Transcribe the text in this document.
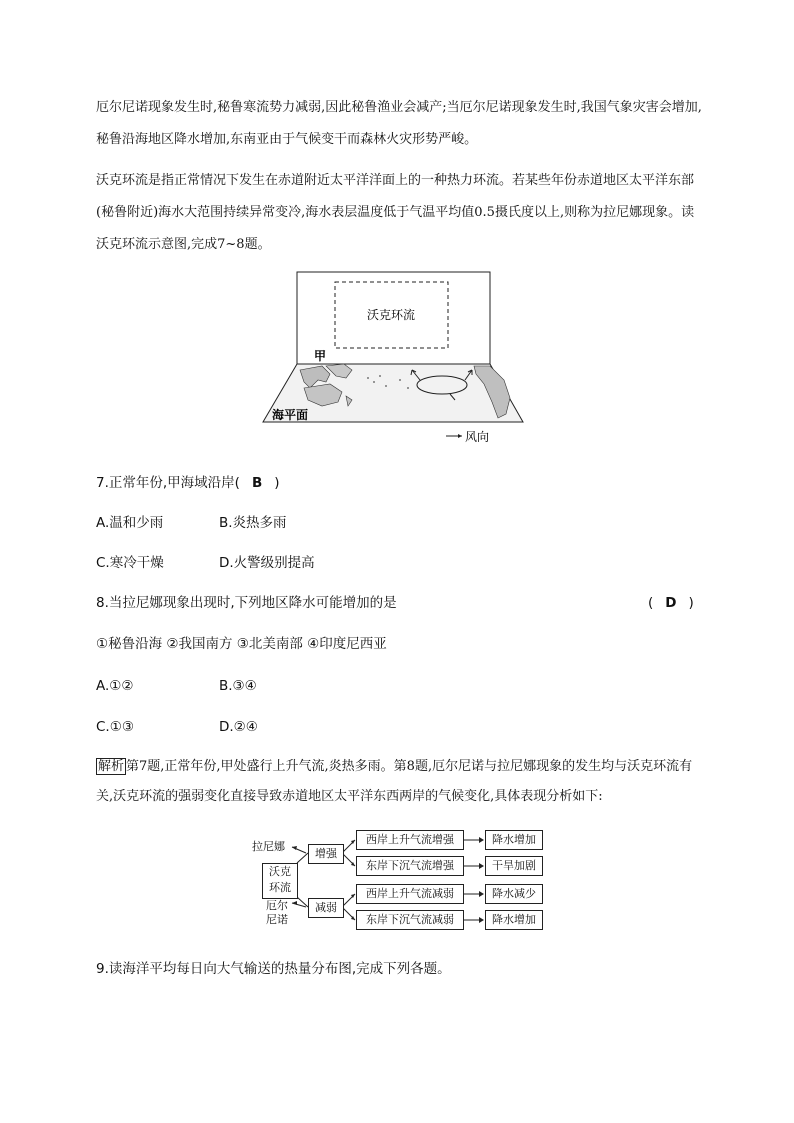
厄尔尼诺现象发生时,秘鲁寒流势力减弱,因此秘鲁渔业会减产;当厄尔尼诺现象发生时,我国气象灾害会增加,秘鲁沿海地区降水增加,东南亚由于气候变干而森林火灾形势严峻。

沃克环流是指正常情况下发生在赤道附近太平洋洋面上的一种热力环流。若某些年份赤道地区太平洋东部(秘鲁附近)海水大范围持续异常变冷,海水表层温度低于气温平均值0.5摄氏度以上,则称为拉尼娜现象。读沃克环流示意图,完成7~8题。

沃克环流
甲
海平面
风向
7.正常年份,甲海域沿岸( B )
A.温和少雨	B.炎热多雨
C.寒冷干燥	D.火警级别提高
8.当拉尼娜现象出现时,下列地区降水可能增加的是	( D )
①秘鲁沿海 ②我国南方 ③北美南部 ④印度尼西亚
A.①②	B.③④
C.①③	D.②④

解析 第7题,正常年份,甲处盛行上升气流,炎热多雨。第8题,厄尔尼诺与拉尼娜现象的发生均与沃克环流有关,沃克环流的强弱变化直接导致赤道地区太平洋东西两岸的气候变化,具体表现分析如下:

拉尼娜
厄尔
尼诺
沃克
环流
增强
减弱
西岸上升气流增强
东岸下沉气流增强
西岸上升气流减弱
东岸下沉气流减弱
降水增加
干旱加剧
降水减少
降水增加
9.读海洋平均每日向大气输送的热量分布图,完成下列各题。
